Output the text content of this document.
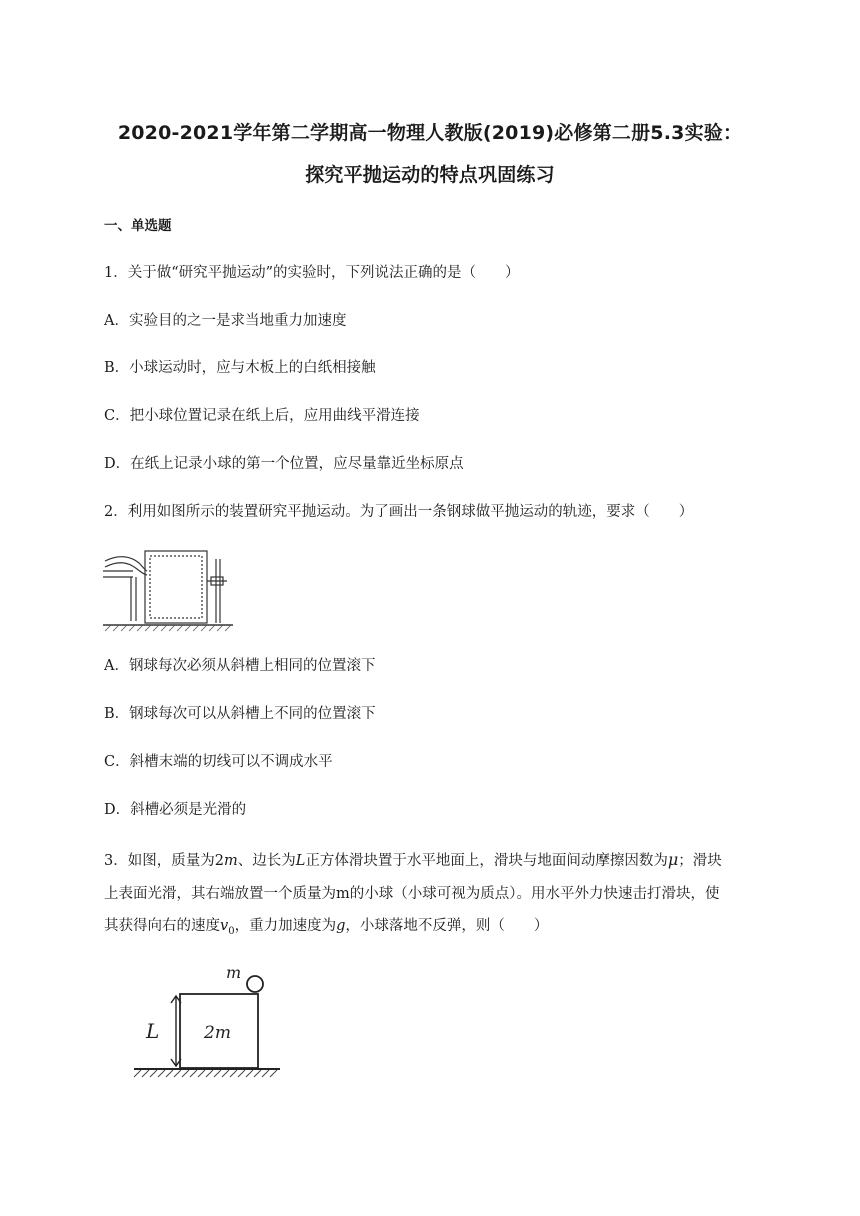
2020-2021学年第二学期高一物理人教版(2019)必修第二册5.3实验：
探究平抛运动的特点巩固练习
一、单选题
1．关于做“研究平抛运动”的实验时，下列说法正确的是（　　）
A．实验目的之一是求当地重力加速度
B．小球运动时，应与木板上的白纸相接触
C．把小球位置记录在纸上后，应用曲线平滑连接
D．在纸上记录小球的第一个位置，应尽量靠近坐标原点
2．利用如图所示的装置研究平抛运动。为了画出一条钢球做平抛运动的轨迹，要求（　　）
A．钢球每次必须从斜槽上相同的位置滚下
B．钢球每次可以从斜槽上不同的位置滚下
C．斜槽末端的切线可以不调成水平
D．斜槽必须是光滑的
3．如图，质量为2m、边长为L正方体滑块置于水平地面上，滑块与地面间动摩擦因数为μ；滑块
上表面光滑，其右端放置一个质量为m的小球（小球可视为质点）。用水平外力快速击打滑块，使
其获得向右的速度$v_0$，重力加速度为g，小球落地不反弹，则（　　）
m
L	2m
